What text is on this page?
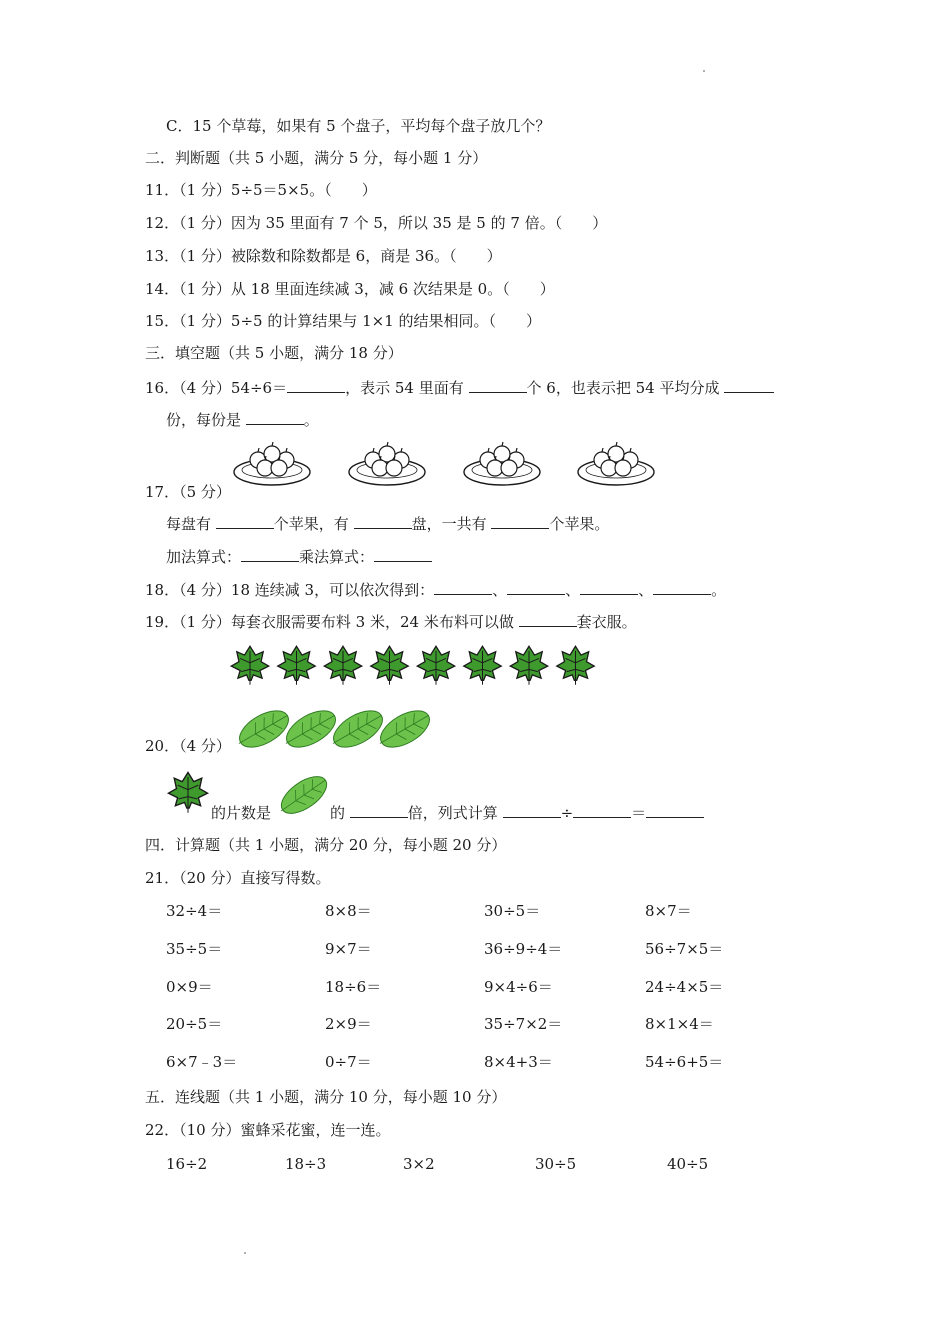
C．15 个草莓，如果有 5 个盘子，平均每个盘子放几个？
二．判断题（共 5 小题，满分 5 分，每小题 1 分）
11．（1 分）5÷5＝5×5。（　　）
12．（1 分）因为 35 里面有 7 个 5，所以 35 是 5 的 7 倍。（　　）
13．（1 分）被除数和除数都是 6，商是 36。（　　）
14．（1 分）从 18 里面连续减 3，减 6 次结果是 0。（　　）
15．（1 分）5÷5 的计算结果与 1×1 的结果相同。（　　）
三．填空题（共 5 小题，满分 18 分）
16．（4 分）54÷6＝	，表示 54 里面有	个 6，也表示把 54 平均分成
份，每份是	。
17．（5 分）
每盘有	个苹果，有	盘，一共有	个苹果。
加法算式：	乘法算式：
18．（4 分）18 连续减 3，可以依次得到：	、	、	、	。
19．（1 分）每套衣服需要布料 3 米，24 米布料可以做	套衣服。
20．（4 分）
的片数是	的	倍，列式计算	÷	＝
四．计算题（共 1 小题，满分 20 分，每小题 20 分）
21．（20 分）直接写得数。
32÷4＝	8×8＝	30÷5＝	8×7＝
35÷5＝	9×7＝	36÷9÷4＝	56÷7×5＝
0×9＝	18÷6＝	9×4÷6＝	24÷4×5＝
20÷5＝	2×9＝	35÷7×2＝	8×1×4＝
6×7﹣3＝	0÷7＝	8×4+3＝	54÷6+5＝
五．连线题（共 1 小题，满分 10 分，每小题 10 分）
22．（10 分）蜜蜂采花蜜，连一连。
16÷2	18÷3	3×2	30÷5	40÷5
